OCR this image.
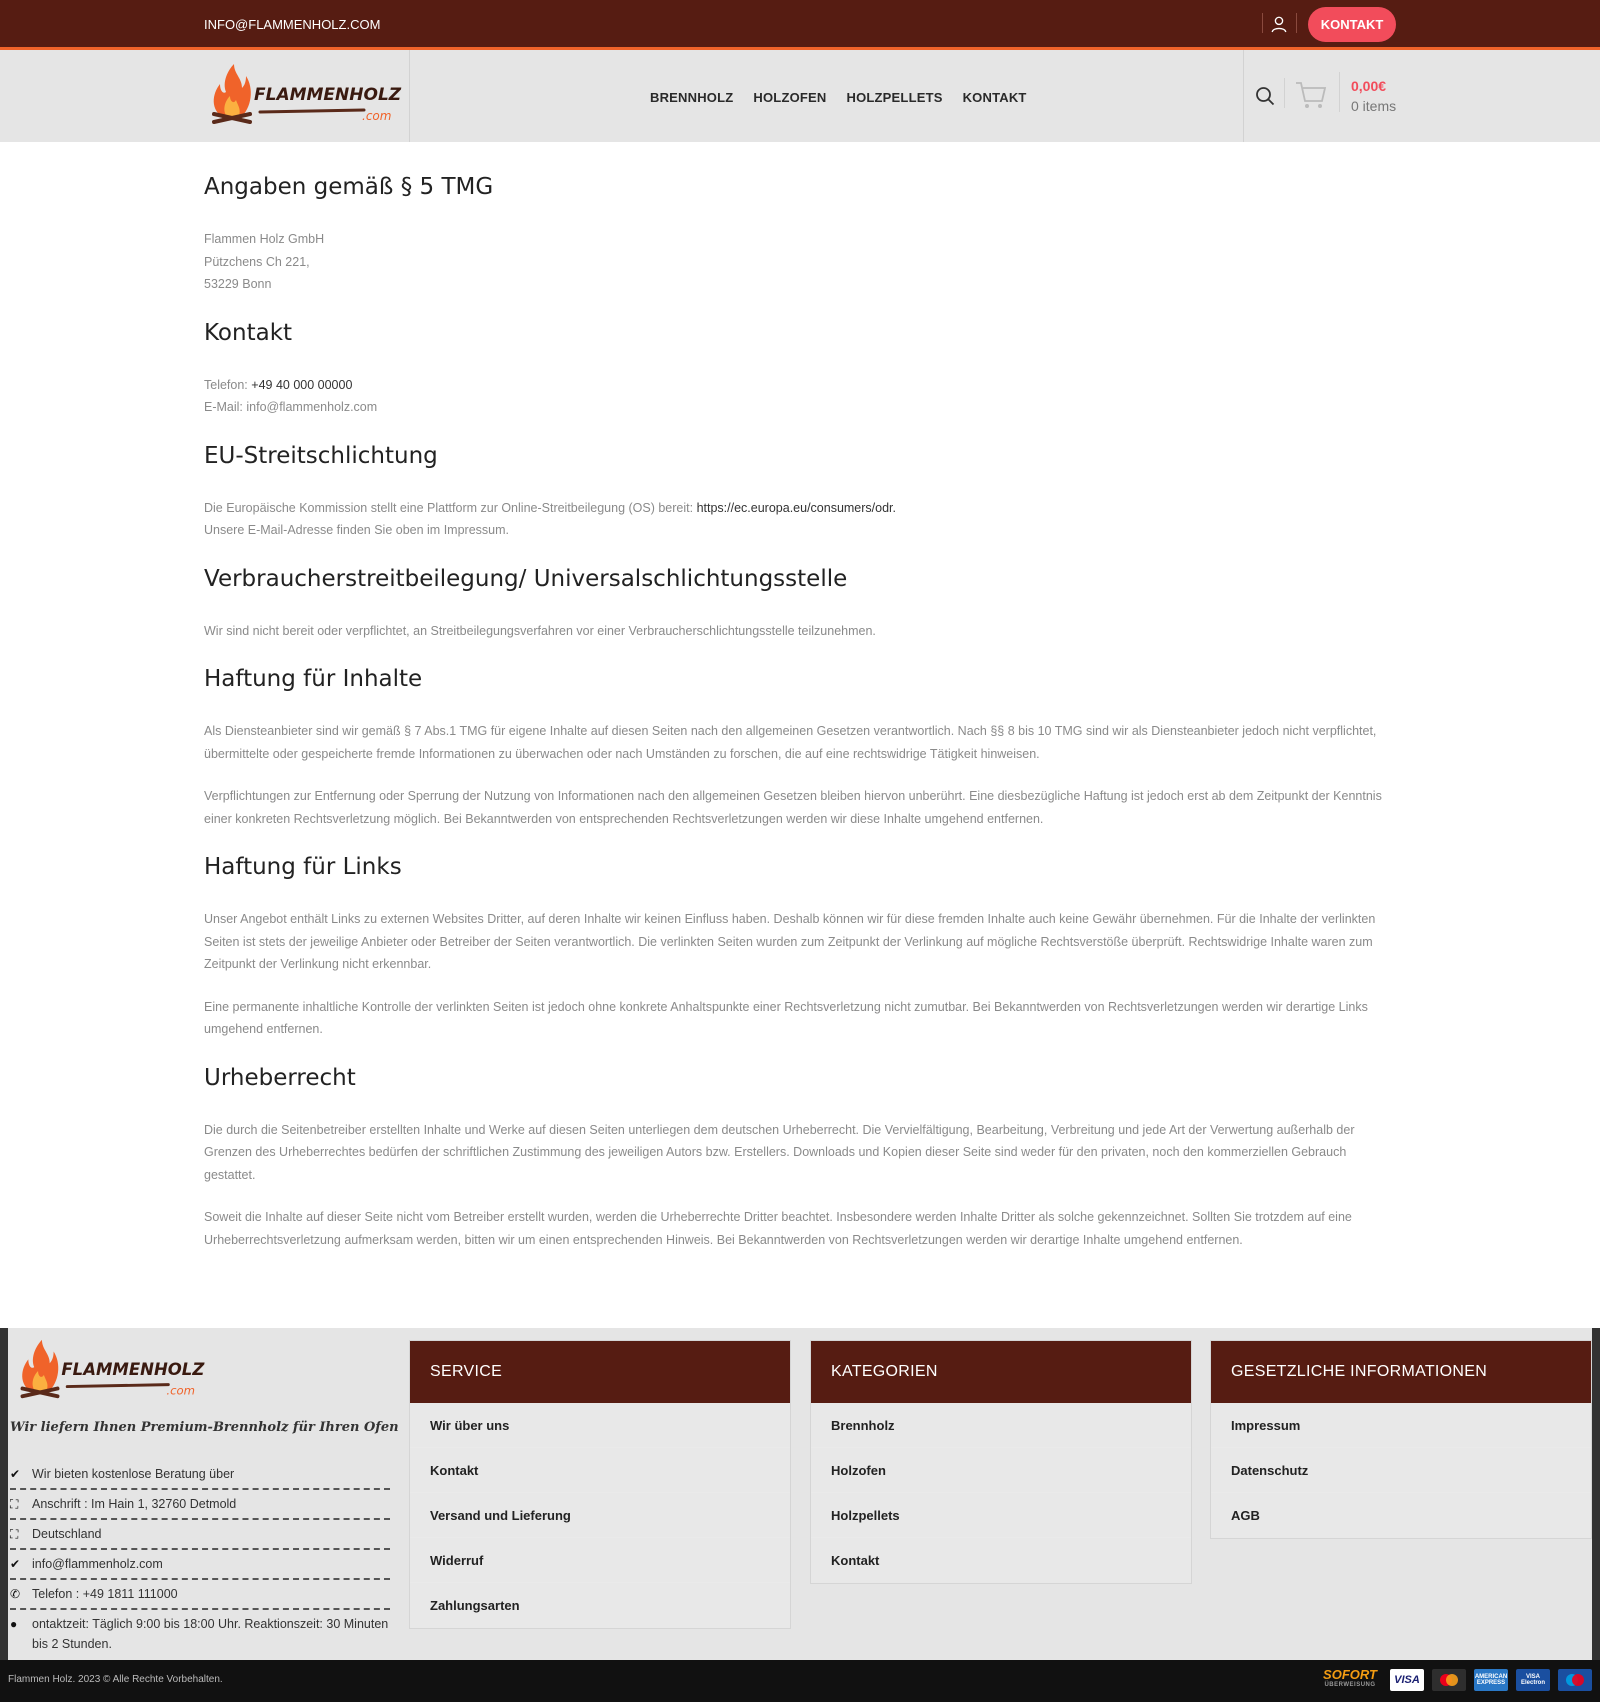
INFO@FLAMMENHOLZ.COM	KONTAKT
FLAMMENHOLZ
.com
BRENNHOLZ HOLZOFEN HOLZPELLETS KONTAKT
0,00€
0 items
Angaben gemäß § 5 TMG

Flammen Holz GmbH
Pützchens Ch 221,
53229 Bonn

Kontakt

Telefon: +49 40 000 00000
E-Mail: info@flammenholz.com

EU-Streitschlichtung

Die Europäische Kommission stellt eine Plattform zur Online-Streitbeilegung (OS) bereit: https://ec.europa.eu/consumers/odr.
Unsere E-Mail-Adresse finden Sie oben im Impressum.

Verbraucherstreitbeilegung/ Universalschlichtungsstelle

Wir sind nicht bereit oder verpflichtet, an Streitbeilegungsverfahren vor einer Verbraucherschlichtungsstelle teilzunehmen.

Haftung für Inhalte

Als Diensteanbieter sind wir gemäß § 7 Abs.1 TMG für eigene Inhalte auf diesen Seiten nach den allgemeinen Gesetzen verantwortlich. Nach §§ 8 bis 10 TMG sind wir als Diensteanbieter jedoch nicht verpflichtet, übermittelte oder gespeicherte fremde Informationen zu überwachen oder nach Umständen zu forschen, die auf eine rechtswidrige Tätigkeit hinweisen.

Verpflichtungen zur Entfernung oder Sperrung der Nutzung von Informationen nach den allgemeinen Gesetzen bleiben hiervon unberührt. Eine diesbezügliche Haftung ist jedoch erst ab dem Zeitpunkt der Kenntnis einer konkreten Rechtsverletzung möglich. Bei Bekanntwerden von entsprechenden Rechtsverletzungen werden wir diese Inhalte umgehend entfernen.

Haftung für Links

Unser Angebot enthält Links zu externen Websites Dritter, auf deren Inhalte wir keinen Einfluss haben. Deshalb können wir für diese fremden Inhalte auch keine Gewähr übernehmen. Für die Inhalte der verlinkten Seiten ist stets der jeweilige Anbieter oder Betreiber der Seiten verantwortlich. Die verlinkten Seiten wurden zum Zeitpunkt der Verlinkung auf mögliche Rechtsverstöße überprüft. Rechtswidrige Inhalte waren zum Zeitpunkt der Verlinkung nicht erkennbar.

Eine permanente inhaltliche Kontrolle der verlinkten Seiten ist jedoch ohne konkrete Anhaltspunkte einer Rechtsverletzung nicht zumutbar. Bei Bekanntwerden von Rechtsverletzungen werden wir derartige Links umgehend entfernen.

Urheberrecht

Die durch die Seitenbetreiber erstellten Inhalte und Werke auf diesen Seiten unterliegen dem deutschen Urheberrecht. Die Vervielfältigung, Bearbeitung, Verbreitung und jede Art der Verwertung außerhalb der Grenzen des Urheberrechtes bedürfen der schriftlichen Zustimmung des jeweiligen Autors bzw. Erstellers. Downloads und Kopien dieser Seite sind weder für den privaten, noch den kommerziellen Gebrauch gestattet.

Soweit die Inhalte auf dieser Seite nicht vom Betreiber erstellt wurden, werden die Urheberrechte Dritter beachtet. Insbesondere werden Inhalte Dritter als solche gekennzeichnet. Sollten Sie trotzdem auf eine Urheberrechtsverletzung aufmerksam werden, bitten wir um einen entsprechenden Hinweis. Bei Bekanntwerden von Rechtsverletzungen werden wir derartige Inhalte umgehend entfernen.

FLAMMENHOLZ
.com
Wir liefern Ihnen Premium-Brennholz für Ihren Ofen
✔ Wir bieten kostenlose Beratung über
⛶	Anschrift : Im Hain 1, 32760 Detmold
⛶	Deutschland
✔ info@flammenholz.com
✆ Telefon : +49 1811 111000
●	ontaktzeit: Täglich 9:00 bis 18:00 Uhr. Reaktionszeit: 30 Minuten bis 2 Stunden.
SERVICE
Wir über uns
Kontakt
Versand und Lieferung
Widerruf
Zahlungsarten
KATEGORIEN
Brennholz
Holzofen
Holzpellets
Kontakt
GESETZLICHE INFORMATIONEN
Impressum
Datenschutz
AGB
Flammen Holz. 2023 © Alle Rechte Vorbehalten.	SOFORT
ÜBERWEISUNG	VISA	AMERICAN EXPRESS
VISA
Electron
